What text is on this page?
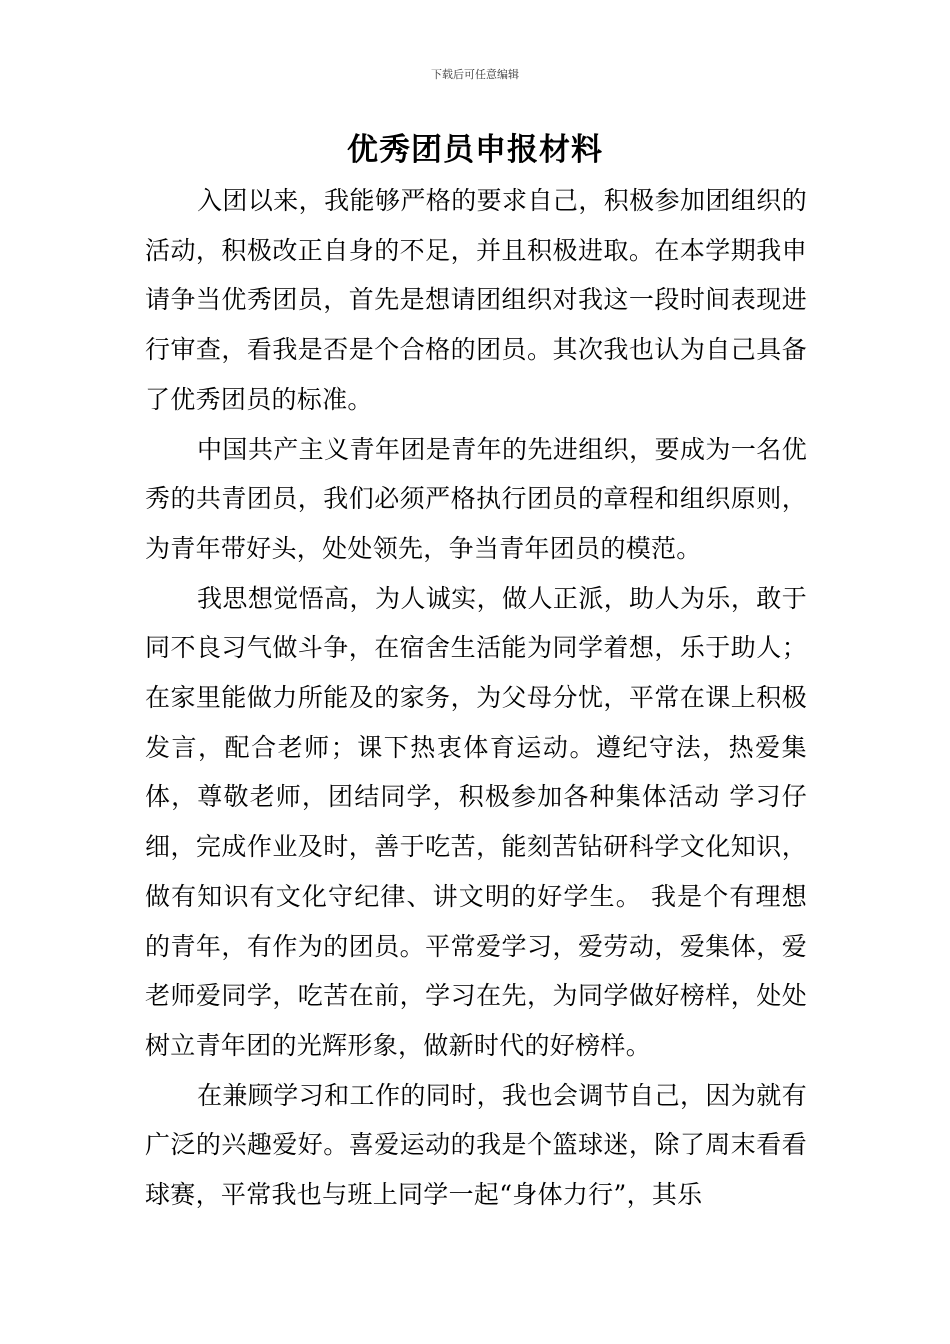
下载后可任意编辑
优秀团员申报材料

入团以来，我能够严格的要求自己，积极参加团组织的活动，积极改正自身的不足，并且积极进取。在本学期我申请争当优秀团员，首先是想请团组织对我这一段时间表现进行审查，看我是否是个合格的团员。其次我也认为自己具备了优秀团员的标准。

中国共产主义青年团是青年的先进组织，要成为一名优秀的共青团员，我们必须严格执行团员的章程和组织原则，为青年带好头，处处领先，争当青年团员的模范。

我思想觉悟高，为人诚实，做人正派，助人为乐，敢于同不良习气做斗争，在宿舍生活能为同学着想，乐于助人；在家里能做力所能及的家务，为父母分忧，平常在课上积极发言，配合老师；课下热衷体育运动。遵纪守法，热爱集体，尊敬老师，团结同学，积极参加各种集体活动 学习仔细，完成作业及时，善于吃苦，能刻苦钻研科学文化知识，做有知识有文化守纪律、讲文明的好学生。 我是个有理想的青年，有作为的团员。平常爱学习，爱劳动，爱集体，爱老师爱同学，吃苦在前，学习在先，为同学做好榜样，处处树立青年团的光辉形象，做新时代的好榜样。

在兼顾学习和工作的同时，我也会调节自己，因为就有广泛的兴趣爱好。喜爱运动的我是个篮球迷，除了周末看看球赛，平常我也与班上同学一起“身体力行”，其乐
